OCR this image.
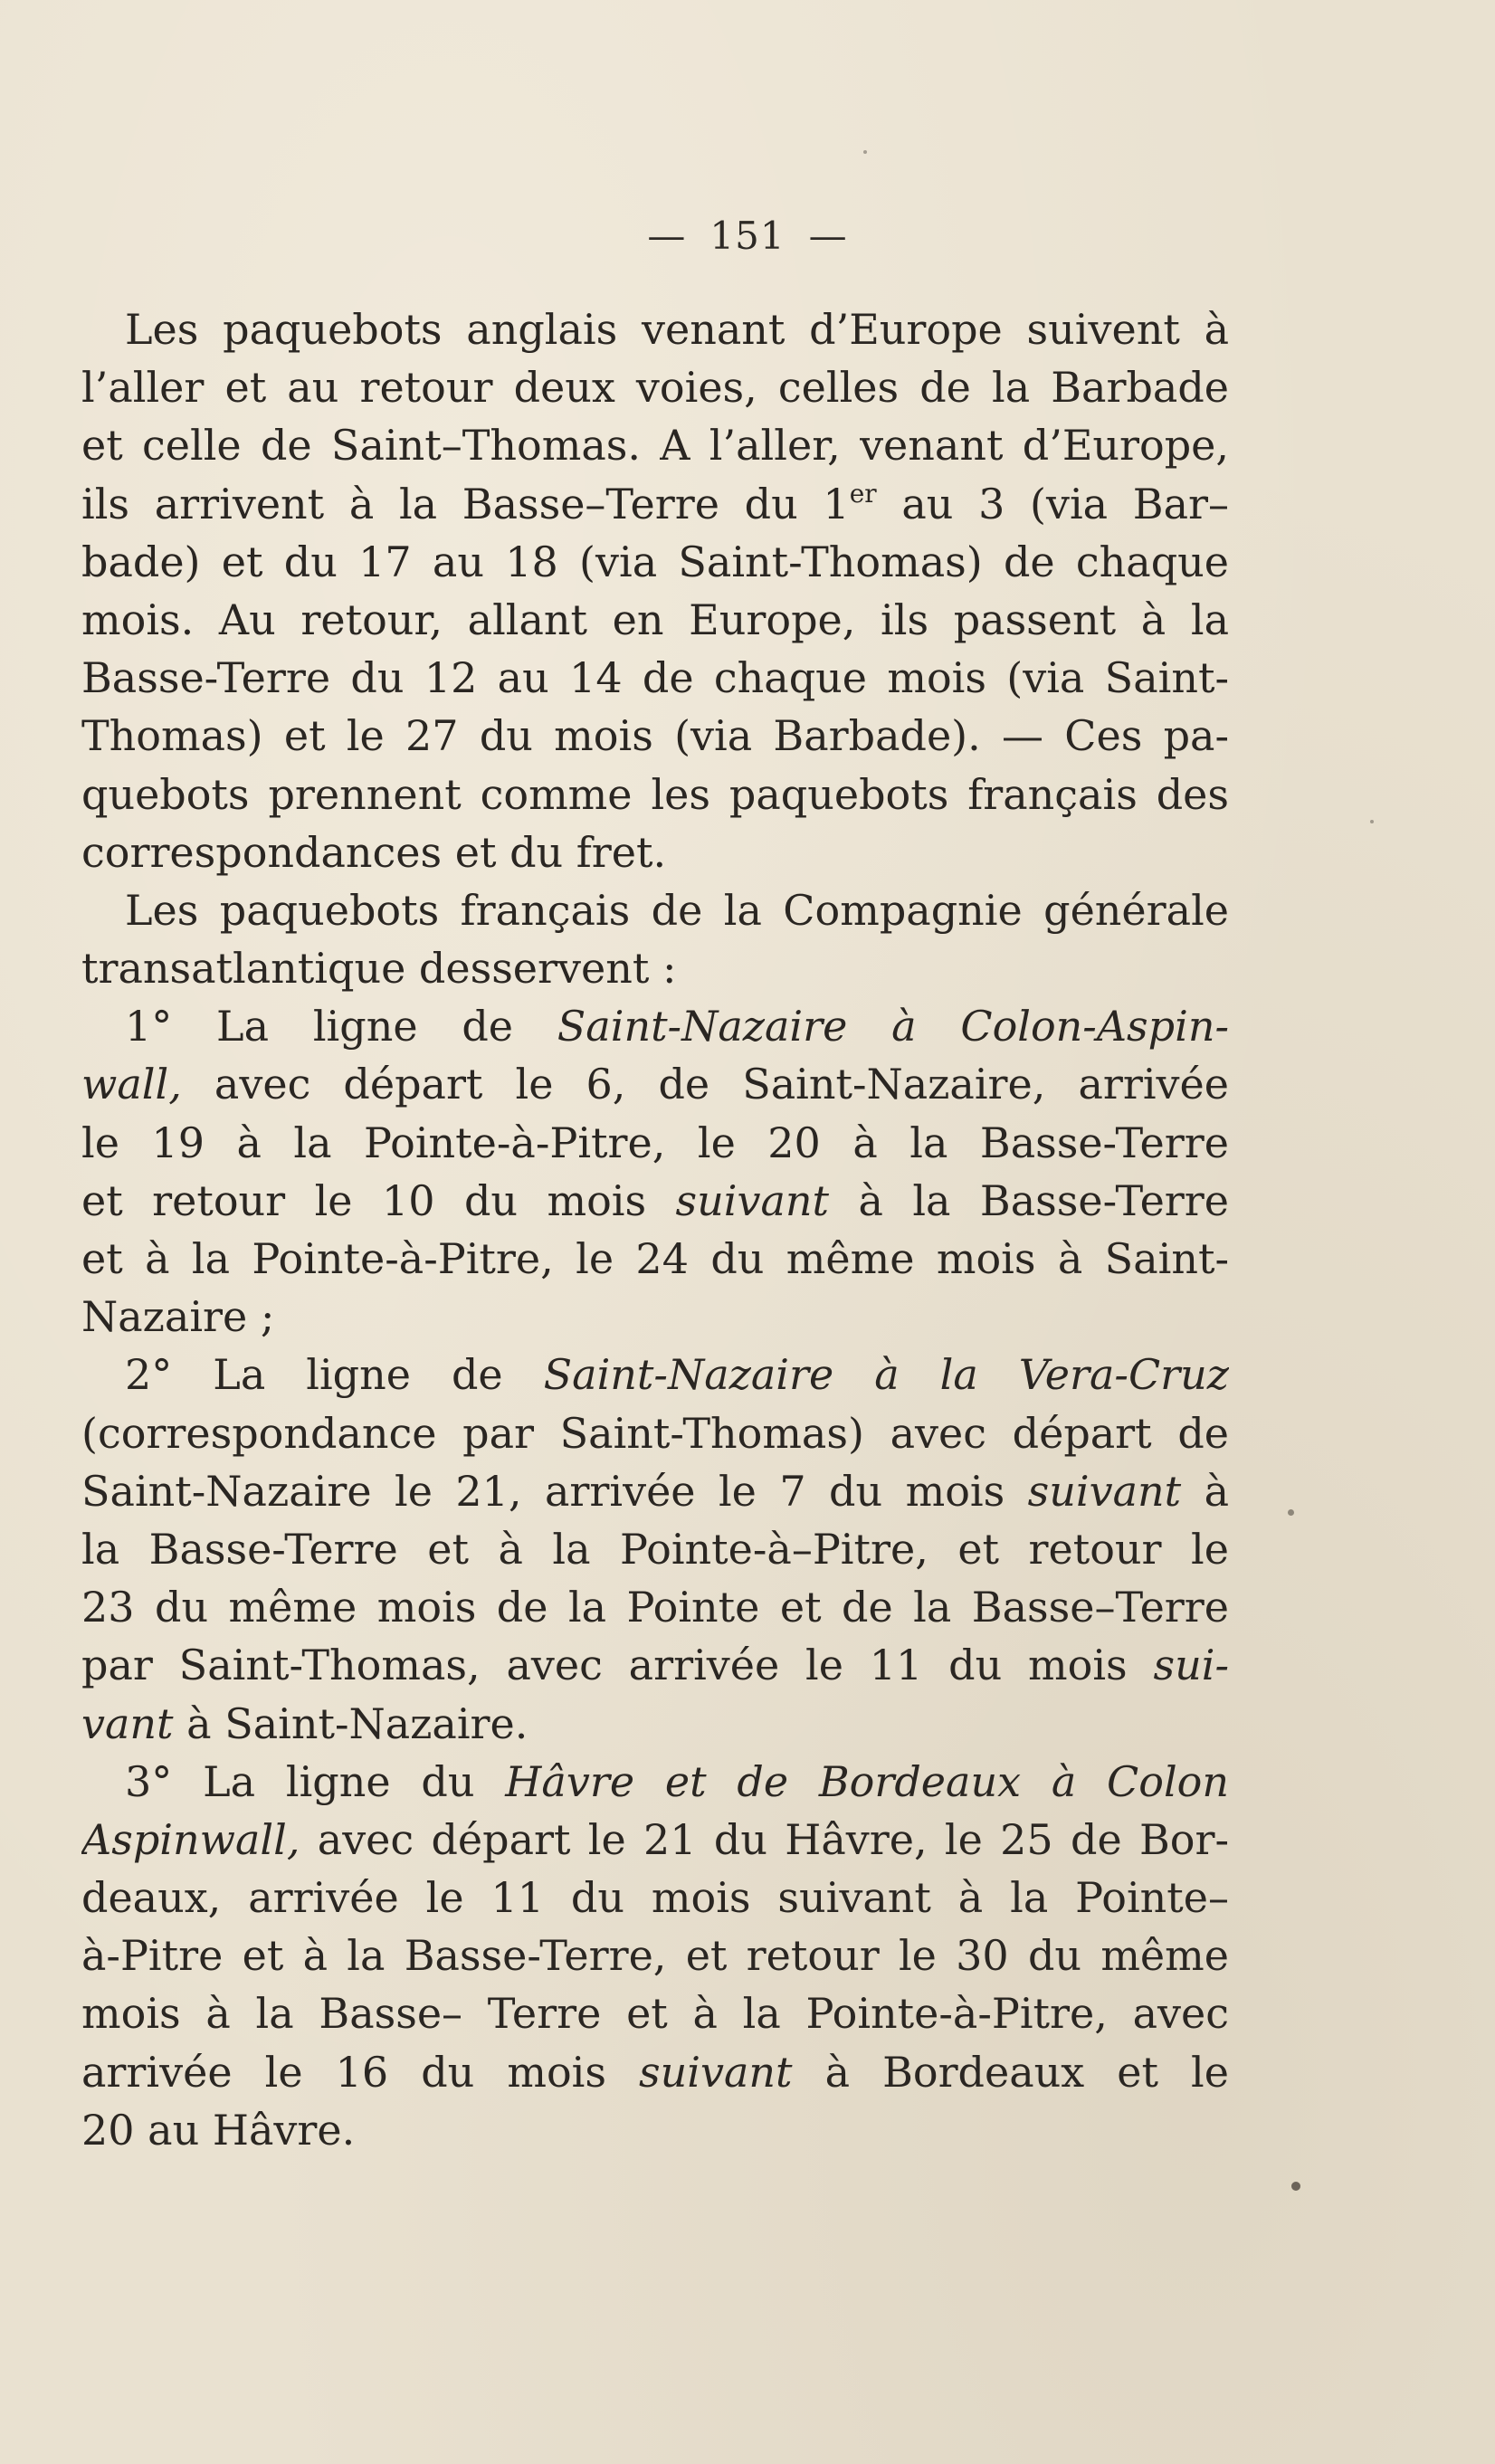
— 151 —
Les paquebots anglais venant d’Europe suivent à
l’aller et au retour deux voies, celles de la Barbade
et celle de Saint–Thomas. A l’aller, venant d’Europe,
ils arrivent à la Basse–Terre du 1er au 3 (via Bar–
bade) et du 17 au 18 (via Saint-Thomas) de chaque
mois. Au retour, allant en Europe, ils passent à la
Basse-Terre du 12 au 14 de chaque mois (via Saint-
Thomas) et le 27 du mois (via Barbade). — Ces pa-
quebots prennent comme les paquebots français des
correspondances et du fret.
Les paquebots français de la Compagnie générale
transatlantique desservent :
1° La ligne de Saint-Nazaire à Colon-Aspin-
wall, avec départ le 6, de Saint-Nazaire, arrivée
le 19 à la Pointe-à-Pitre, le 20 à la Basse-Terre
et retour le 10 du mois suivant à la Basse-Terre
et à la Pointe-à-Pitre, le 24 du même mois à Saint-
Nazaire ;
2° La ligne de Saint-Nazaire à la Vera-Cruz
(correspondance par Saint-Thomas) avec départ de
Saint-Nazaire le 21, arrivée le 7 du mois suivant à
la Basse-Terre et à la Pointe-à–Pitre, et retour le
23 du même mois de la Pointe et de la Basse–Terre
par Saint-Thomas, avec arrivée le 11 du mois sui-
vant à Saint-Nazaire.
3° La ligne du Hâvre et de Bordeaux à Colon
Aspinwall, avec départ le 21 du Hâvre, le 25 de Bor-
deaux, arrivée le 11 du mois suivant à la Pointe–
à-Pitre et à la Basse-Terre, et retour le 30 du même
mois à la Basse– Terre et à la Pointe-à-Pitre, avec
arrivée le 16 du mois suivant à Bordeaux et le
20 au Hâvre.
